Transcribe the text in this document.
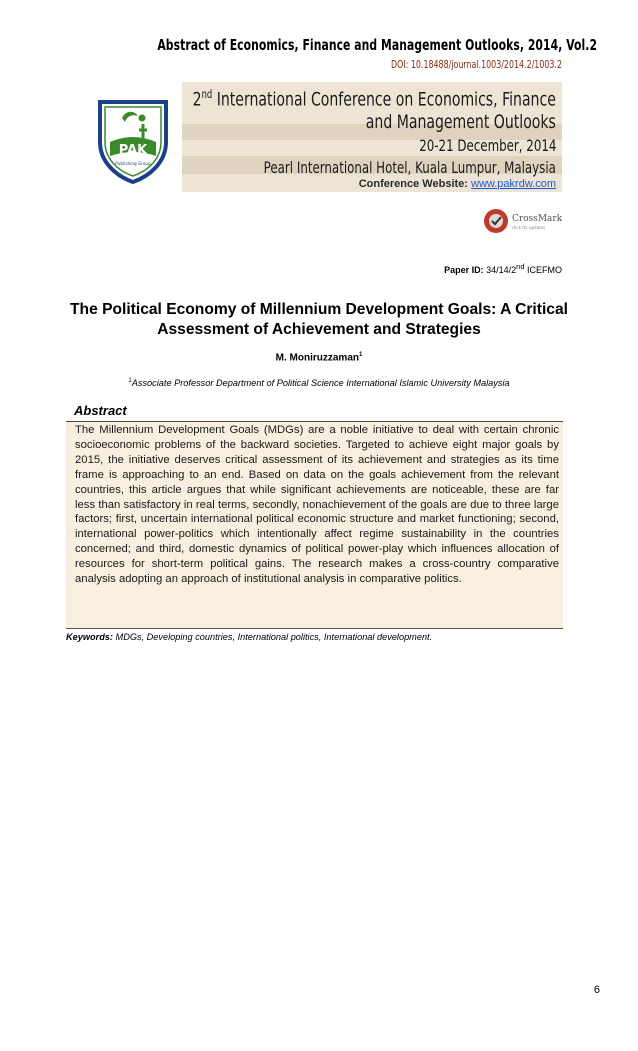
Abstract of Economics, Finance and Management Outlooks, 2014, Vol.2
DOI: 10.18488/journal.1003/2014.2/1003.2
PAK
Publishing Group
2nd International Conference on Economics, Finance
and Management Outlooks
20-21 December, 2014
Pearl International Hotel, Kuala Lumpur, Malaysia
Conference Website: www.pakrdw.com
CrossMark
click for updates
Paper ID: 34/14/2nd ICEFMO
The Political Economy of Millennium Development Goals: A Critical Assessment of Achievement and Strategies
M. Moniruzzaman$^1$
$^1$Associate Professor Department of Political Science International Islamic University Malaysia
Abstract
The Millennium Development Goals (MDGs) are a noble initiative to deal with certain chronic socioeconomic problems of the backward societies. Targeted to achieve eight major goals by 2015, the initiative deserves critical assessment of its achievement and strategies as its time frame is approaching to an end. Based on data on the goals achievement from the relevant countries, this article argues that while significant achievements are noticeable, these are far less than satisfactory in real terms, secondly, nonachievement of the goals are due to three large factors; first, uncertain international political economic structure and market functioning; second, international power-politics which intentionally affect regime sustainability in the countries concerned; and third, domestic dynamics of political power-play which influences allocation of resources for short-term political gains. The research makes a cross-country comparative analysis adopting an approach of institutional analysis in comparative politics.
Keywords: MDGs, Developing countries, International politics, International development.
6
